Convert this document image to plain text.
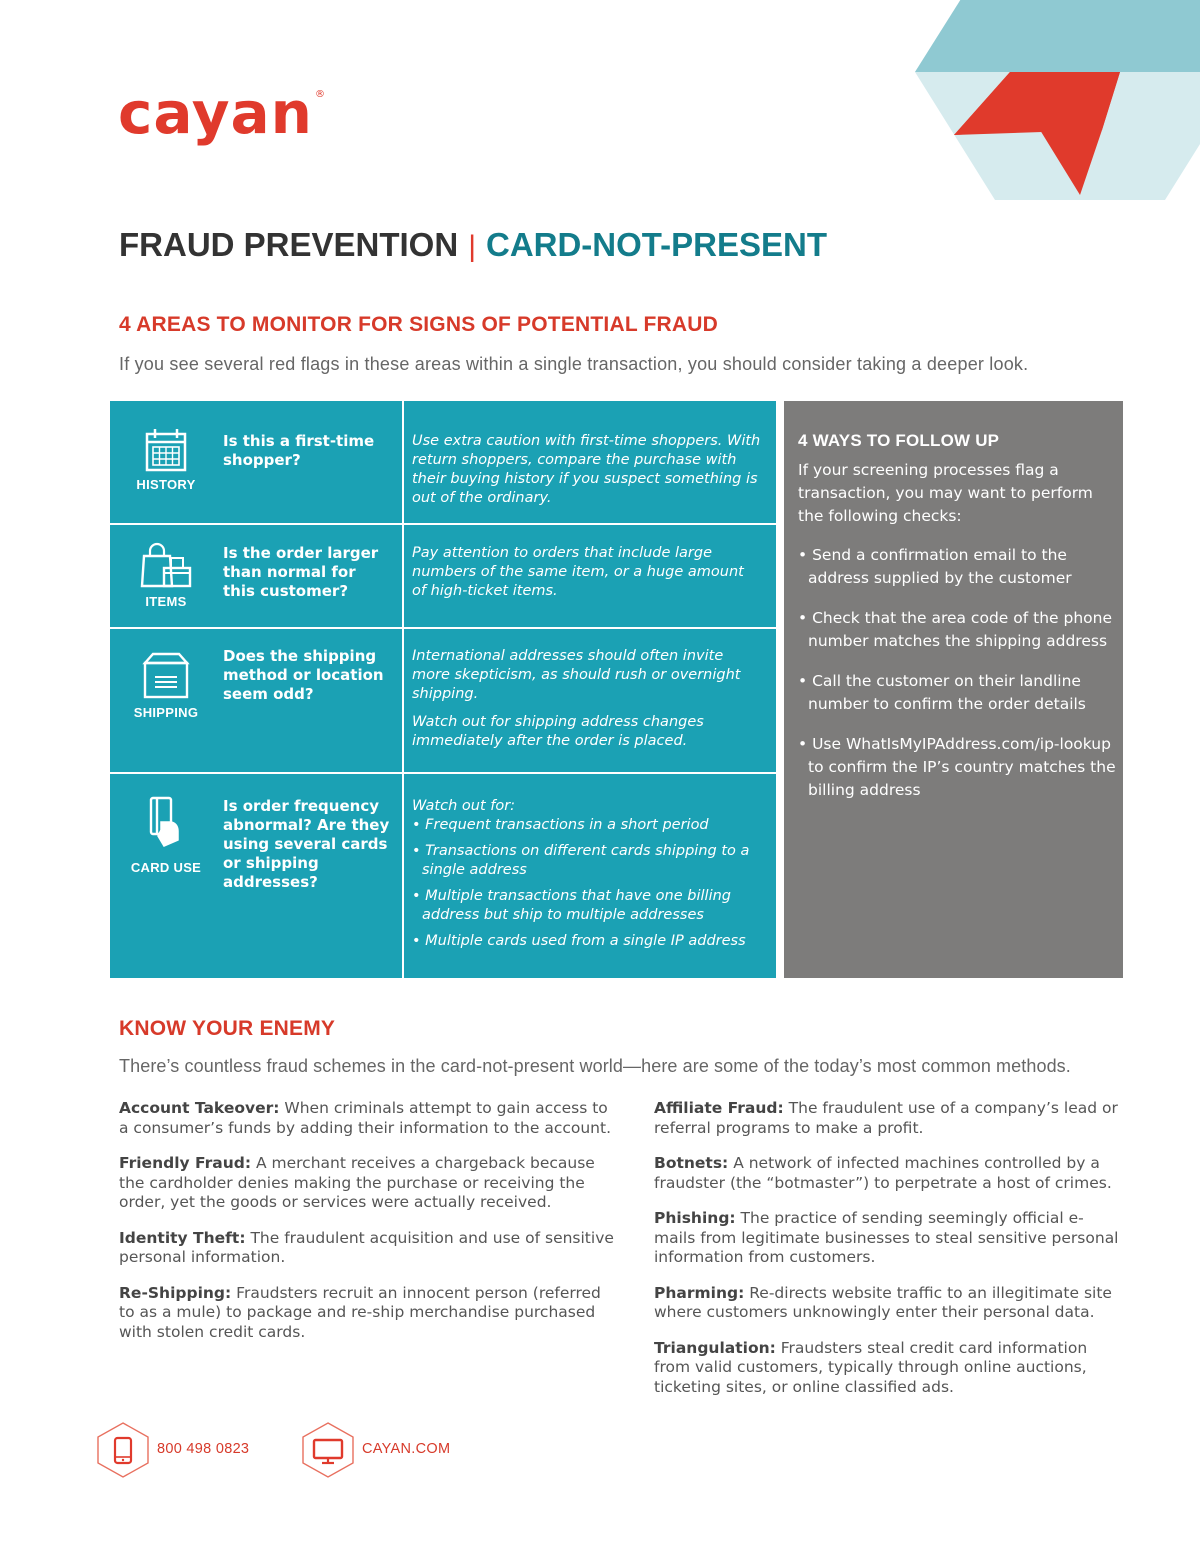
cayan ®
FRAUD PREVENTION | CARD-NOT-PRESENT
4 AREAS TO MONITOR FOR SIGNS OF POTENTIAL FRAUD
If you see several red flags in these areas within a single transaction, you should consider taking a deeper look.
HISTORY
Is this a first-time shopper?

Use extra caution with first-time shoppers. With return shoppers, compare the purchase with their buying history if you suspect something is out of the ordinary.

ITEMS
Is the order larger than normal for this customer?

Pay attention to orders that include large numbers of the same item, or a huge amount of high-ticket items.

SHIPPING
Does the shipping method or location seem odd?

International addresses should often invite more skepticism, as should rush or overnight shipping.

Watch out for shipping address changes immediately after the order is placed.

CARD USE
Is order frequency abnormal? Are they using several cards or shipping addresses?

Watch out for:

• Frequent transactions in a short period
• Transactions on different cards shipping to a single address
• Multiple transactions that have one billing address but ship to multiple addresses
• Multiple cards used from a single IP address
4 WAYS TO FOLLOW UP
If your screening processes flag a transaction, you may want to perform the following checks:
• Send a confirmation email to the address supplied by the customer
• Check that the area code of the phone number matches the shipping address
• Call the customer on their landline number to confirm the order details
• Use WhatIsMyIPAddress.com/ip-lookup to confirm the IP’s country matches the billing address
KNOW YOUR ENEMY
There’s countless fraud schemes in the card-not-present world—here are some of the today’s most common methods.

Account Takeover: When criminals attempt to gain access to a consumer’s funds by adding their information to the account.

Friendly Fraud: A merchant receives a chargeback because the cardholder denies making the purchase or receiving the order, yet the goods or services were actually received.

Identity Theft: The fraudulent acquisition and use of sensitive personal information.

Re-Shipping: Fraudsters recruit an innocent person (referred to as a mule) to package and re-ship merchandise purchased with stolen credit cards.

Affiliate Fraud: The fraudulent use of a company’s lead or referral programs to make a profit.

Botnets: A network of infected machines controlled by a fraudster (the “botmaster”) to perpetrate a host of crimes.

Phishing: The practice of sending seemingly official e-mails from legitimate businesses to steal sensitive personal information from customers.

Pharming: Re-directs website traffic to an illegitimate site where customers unknowingly enter their personal data.

Triangulation: Fraudsters steal credit card information from valid customers, typically through online auctions, ticketing sites, or online classified ads.

800 498 0823	CAYAN.COM
